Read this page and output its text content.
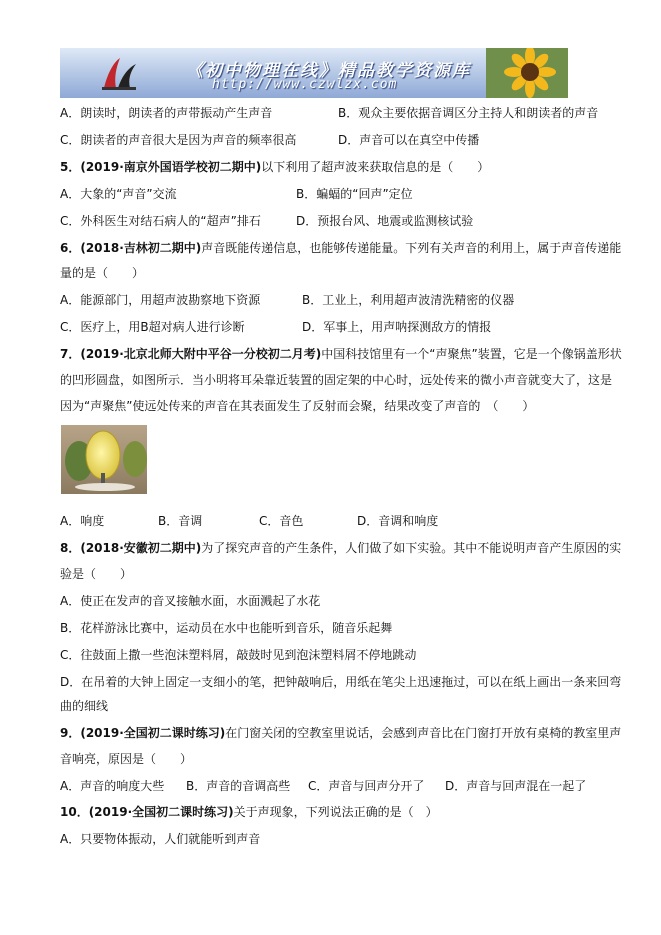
《初中物理在线》精品教学资源库
http://www.czwlzx.com
A．朗读时，朗读者的声带振动产生声音	B．观众主要依据音调区分主持人和朗读者的声音
C．朗读者的声音很大是因为声音的频率很高	D．声音可以在真空中传播
5．(2019·南京外国语学校初二期中)以下利用了超声波来获取信息的是（　　）
A．大象的“声音”交流	B．蝙蝠的“回声”定位
C．外科医生对结石病人的“超声”排石	D．预报台风、地震或监测核试验
6．(2018·吉林初二期中)声音既能传递信息，也能够传递能量。下列有关声音的利用上，属于声音传递能
量的是（　　）
A．能源部门，用超声波勘察地下资源	B．工业上，利用超声波清洗精密的仪器
C．医疗上，用B超对病人进行诊断	D．军事上，用声呐探测敌方的情报
7．(2019·北京北师大附中平谷一分校初二月考)中国科技馆里有一个“声聚焦”装置，它是一个像锅盖形状
的凹形圆盘，如图所示．当小明将耳朵靠近装置的固定架的中心时，远处传来的微小声音就变大了，这是
因为“声聚焦”使远处传来的声音在其表面发生了反射而会聚，结果改变了声音的　（　　）
A．响度	B．音调	C．音色	D．音调和响度
8．(2018·安徽初二期中)为了探究声音的产生条件，人们做了如下实验。其中不能说明声音产生原因的实
验是（　　）
A．使正在发声的音叉接触水面，水面溅起了水花
B．花样游泳比赛中，运动员在水中也能听到音乐，随音乐起舞
C．往鼓面上撒一些泡沫塑料屑，敲鼓时见到泡沫塑料屑不停地跳动
D．在吊着的大钟上固定一支细小的笔，把钟敲响后，用纸在笔尖上迅速拖过，可以在纸上画出一条来回弯
曲的细线
9．(2019·全国初二课时练习)在门窗关闭的空教室里说话，会感到声音比在门窗打开放有桌椅的教室里声
音响亮，原因是（　　）
A．声音的响度大些 B．声音的音调高些 C．声音与回声分开了 D．声音与回声混在一起了
10．(2019·全国初二课时练习)关于声现象，下列说法正确的是（　）
A．只要物体振动，人们就能听到声音
